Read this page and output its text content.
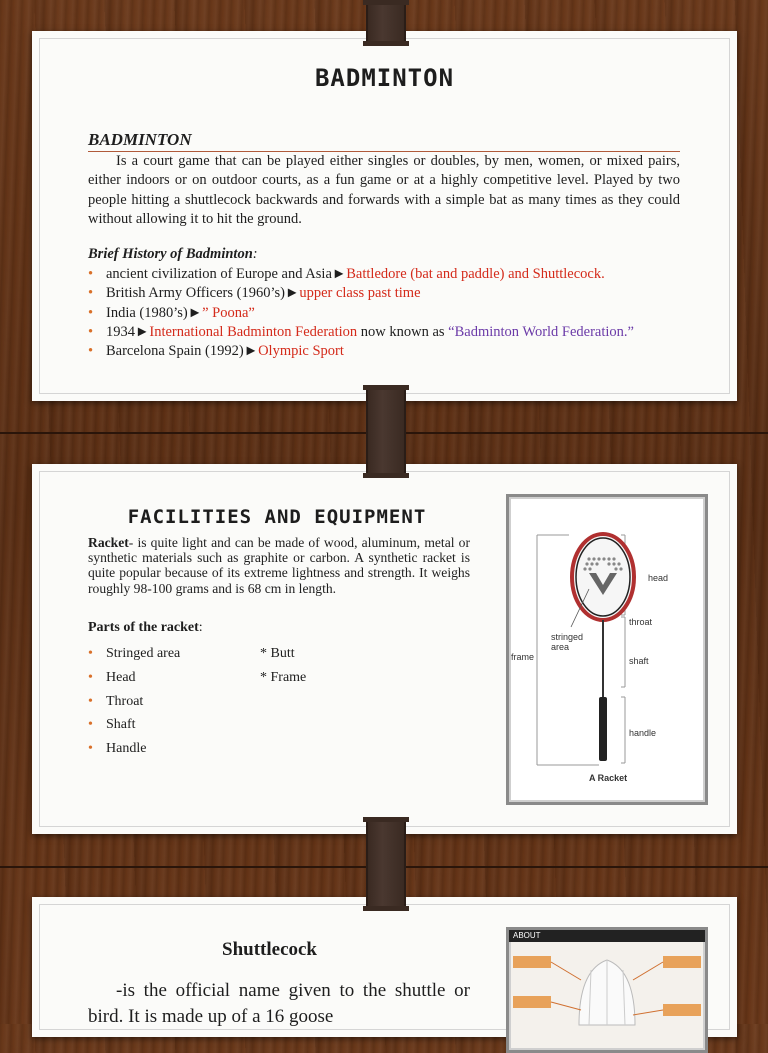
BADMINTON
BADMINTON
Is a court game that can be played either singles or doubles, by men, women, or mixed pairs, either indoors or on outdoor courts, as a fun game or at a highly competitive level. Played by two people hitting a shuttlecock backwards and forwards with a simple bat as many times as they could without allowing it to hit the ground.
Brief History of Badminton:
• ancient civilization of Europe and Asia►Battledore (bat and paddle) and Shuttlecock.
• British Army Officers (1960’s)►upper class past time
• India (1980’s)►” Poona”
• 1934►International Badminton Federation now known as “Badminton World Federation.”
• Barcelona Spain (1992)►Olympic Sport
FACILITIES AND EQUIPMENT
Racket- is quite light and can be made of wood, aluminum, metal or synthetic materials such as graphite or carbon. A synthetic racket is quite popular because of its extreme lightness and strength. It weighs roughly 98-100 grams and is 68 cm in length.
Parts of the racket:
• Stringed area
• Head
• Throat
• Shaft
• Handle
* Butt
* Frame
head
throat
stringed
area
frame	shaft
handle
A Racket
Shuttlecock
-is the official name given to the shuttle or bird. It is made up of a 16 goose
ABOUT
